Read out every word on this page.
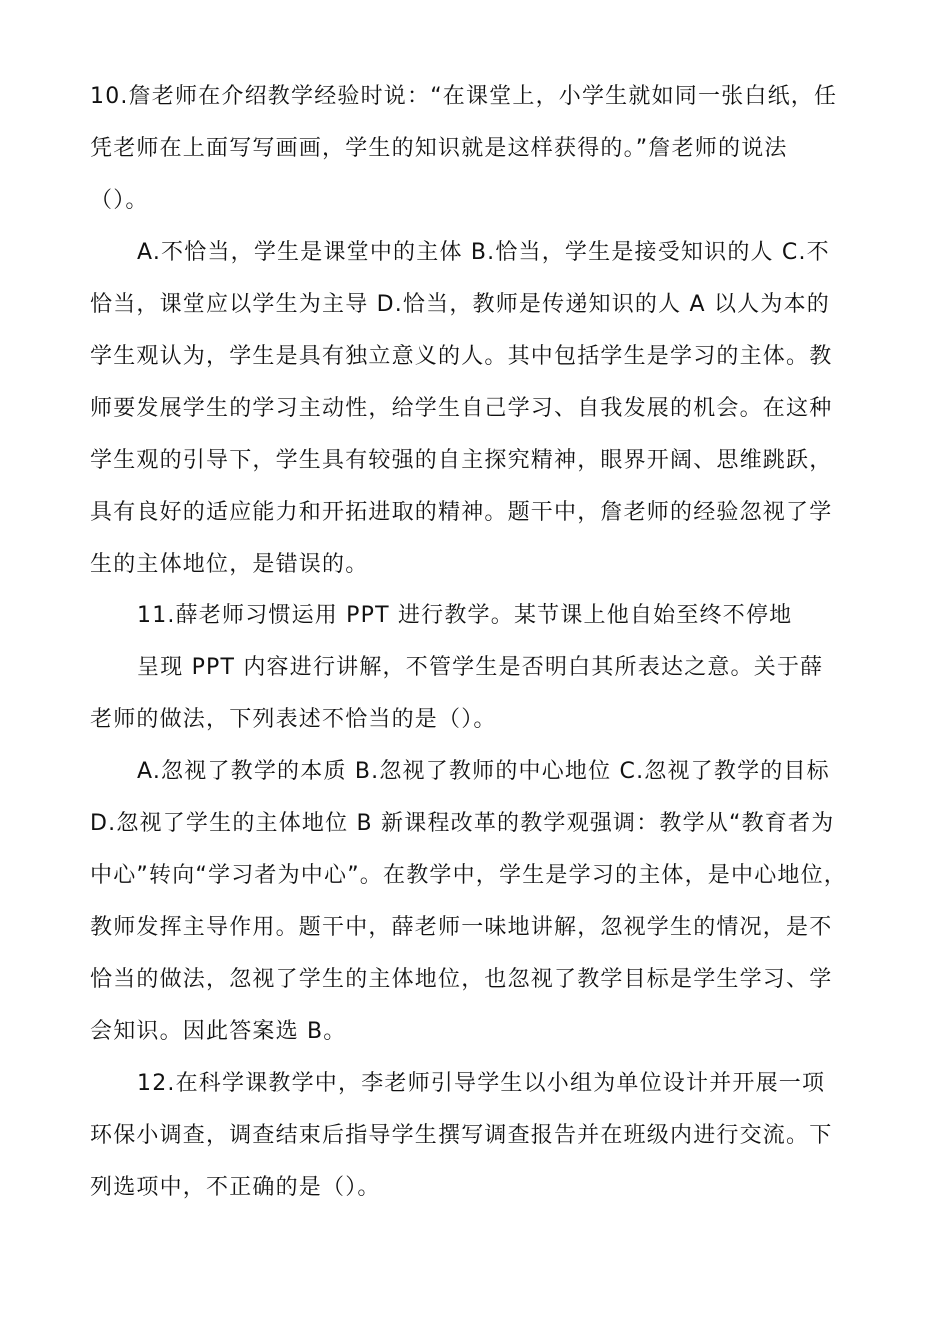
10.詹老师在介绍教学经验时说：“在课堂上，小学生就如同一张白纸，任
凭老师在上面写写画画，学生的知识就是这样获得的。”詹老师的说法
（）。
A.不恰当，学生是课堂中的主体 B.恰当，学生是接受知识的人 C.不
恰当，课堂应以学生为主导 D.恰当，教师是传递知识的人 A 以人为本的
学生观认为，学生是具有独立意义的人。其中包括学生是学习的主体。教
师要发展学生的学习主动性，给学生自己学习、自我发展的机会。在这种
学生观的引导下，学生具有较强的自主探究精神，眼界开阔、思维跳跃，
具有良好的适应能力和开拓进取的精神。题干中，詹老师的经验忽视了学
生的主体地位，是错误的。
11.薛老师习惯运用 PPT 进行教学。某节课上他自始至终不停地
呈现 PPT 内容进行讲解，不管学生是否明白其所表达之意。关于薛
老师的做法，下列表述不恰当的是（）。
A.忽视了教学的本质 B.忽视了教师的中心地位 C.忽视了教学的目标
D.忽视了学生的主体地位 B 新课程改革的教学观强调：教学从“教育者为
中心”转向“学习者为中心”。在教学中，学生是学习的主体，是中心地位，
教师发挥主导作用。题干中，薛老师一味地讲解，忽视学生的情况，是不
恰当的做法，忽视了学生的主体地位，也忽视了教学目标是学生学习、学
会知识。因此答案选 B。
12.在科学课教学中，李老师引导学生以小组为单位设计并开展一项
环保小调查，调查结束后指导学生撰写调查报告并在班级内进行交流。下
列选项中，不正确的是（）。
